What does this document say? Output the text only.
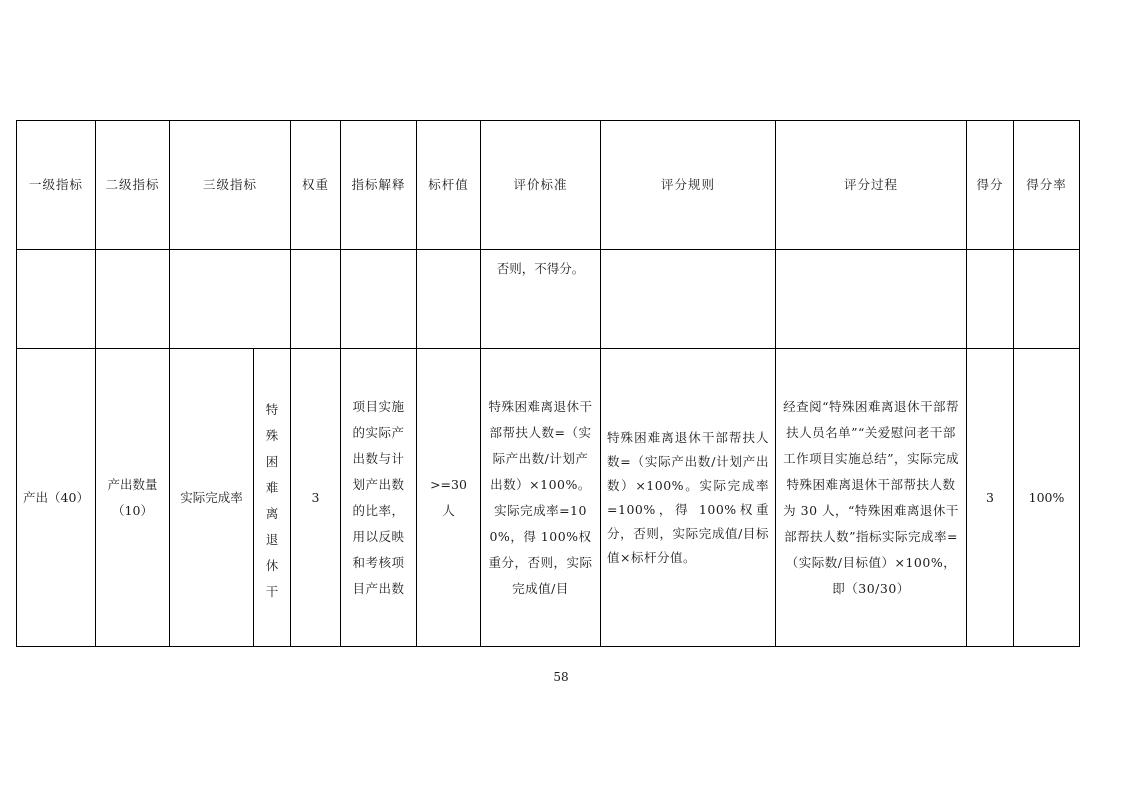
一级指标	二级指标	三级指标		权重	指标解释	标杆值	评价标准	评分规则	评分过程	得分	得分率
							否则，不得分。				
产出（40）	产出数量（10）	实际完成率	特殊困难离退休干	3	项目实施的实际产出数与计划产出数的比率，用以反映和考核项目产出数	>=30 人	特殊困难离退休干部帮扶人数=（实际产出数/计划产出数）×100%。实际完成率=100%，得 100%权重分，否则，实际完成值/目	特殊困难离退休干部帮扶人数=（实际产出数/计划产出数）×100%。实际完成率=100%，得 100%权重分，否则，实际完成值/目标值×标杆分值。	经查阅“特殊困难离退休干部帮扶人员名单”“关爱慰问老干部工作项目实施总结”，实际完成特殊困难离退休干部帮扶人数为 30 人，“特殊困难离退休干部帮扶人数”指标实际完成率=（实际数/目标值）×100%，即（30/30）	3	100%
58
